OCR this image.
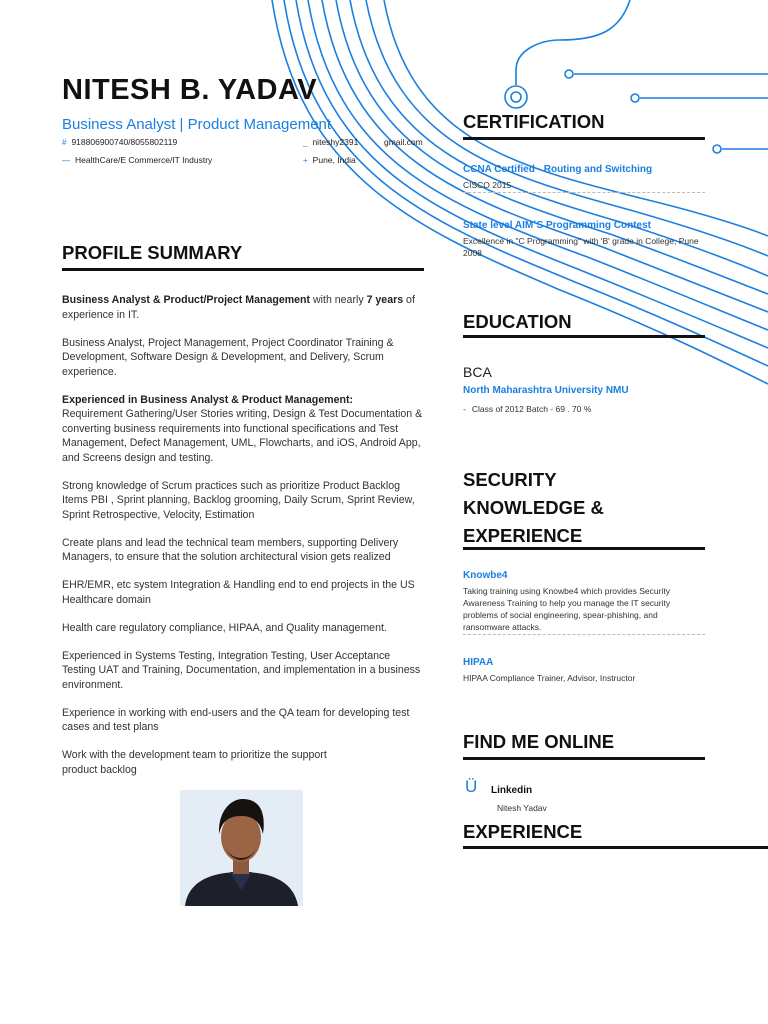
NITESH B. YADAV
Business Analyst | Product Management
# 918806900740/8055802119	_ niteshy2391	gmail.com
— HealthCare/E Commerce/IT Industry	+ Pune, India
PROFILE SUMMARY

Business Analyst & Product/Project Management with nearly 7 years of experience in IT.

Business Analyst, Project Management, Project Coordinator Training & Development, Software Design & Development, and Delivery, Scrum experience.

Experienced in Business Analyst & Product Management:
Requirement Gathering/User Stories writing, Design & Test Documentation & converting business requirements into functional specifications and Test Management, Defect Management, UML, Flowcharts, and iOS, Android App, and Screens design and testing.

Strong knowledge of Scrum practices such as prioritize Product Backlog Items PBI , Sprint planning, Backlog grooming, Daily Scrum, Sprint Review, Sprint Retrospective, Velocity, Estimation

Create plans and lead the technical team members, supporting Delivery Managers, to ensure that the solution architectural vision gets realized

EHR/EMR, etc system Integration & Handling end to end projects in the US Healthcare domain

Health care regulatory compliance, HIPAA, and Quality management.

Experienced in Systems Testing, Integration Testing, User Acceptance Testing UAT and Training, Documentation, and implementation in a business environment.

Experience in working with end-users and the QA team for developing test cases and test plans

Work with the development team to prioritize the support product backlog

CERTIFICATION
CCNA Certified - Routing and Switching
CISCO 2015
State level AIM`S Programming Contest
Excellence in "C Programming" with 'B' grade in College, Pune 2008
EDUCATION
BCA
North Maharashtra University NMU
- Class of 2012 Batch - 69 . 70 %
SECURITY
KNOWLEDGE &
EXPERIENCE
Knowbe4
Taking training using Knowbe4 which provides Security Awareness Training to help you manage the IT security problems of social engineering, spear-phishing, and ransomware attacks.
HIPAA
HIPAA Compliance Trainer, Advisor, Instructor
FIND ME ONLINE
Ü Linkedin
Nitesh Yadav
EXPERIENCE
